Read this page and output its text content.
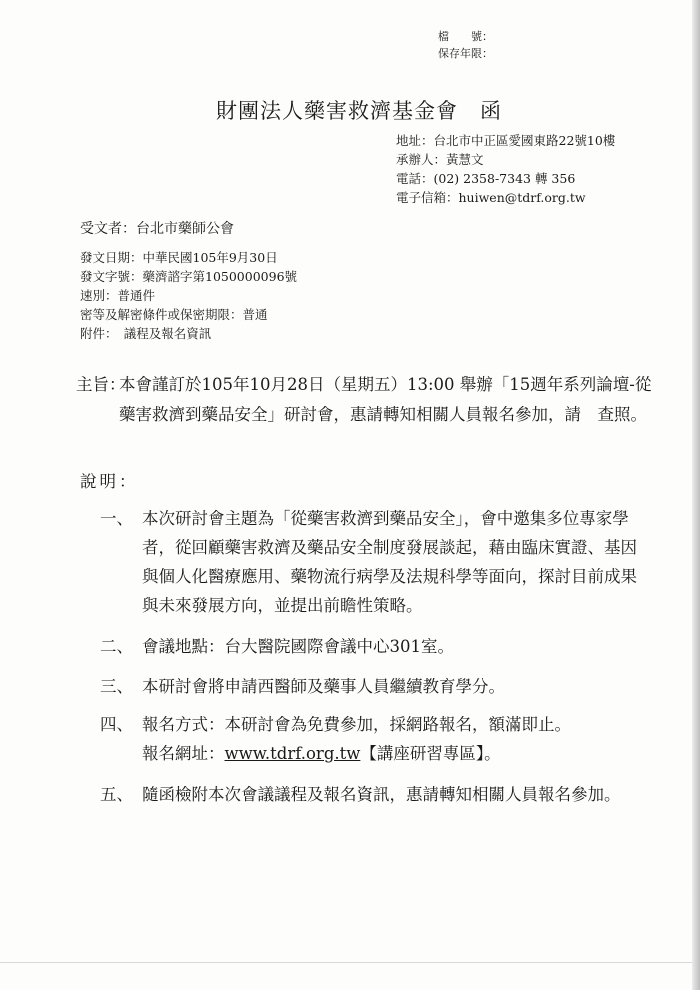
檔　　號：
保存年限：
財團法人藥害救濟基金會　函
地址：台北市中正區愛國東路22號10樓
承辦人：黃慧文
電話：(02) 2358-7343 轉 356
電子信箱：huiwen@tdrf.org.tw
受文者：台北市藥師公會
發文日期：中華民國105年9月30日
發文字號：藥濟諮字第1050000096號
速別：普通件
密等及解密條件或保密期限：普通
附件：　議程及報名資訊
主旨：
本會謹訂於105年10月28日（星期五）13:00 舉辦「15週年系列論壇-從藥害救濟到藥品安全」研討會，惠請轉知相關人員報名參加，請　查照。
說明：
一、 本次研討會主題為「從藥害救濟到藥品安全」，會中邀集多位專家學者，從回顧藥害救濟及藥品安全制度發展談起，藉由臨床實證、基因與個人化醫療應用、藥物流行病學及法規科學等面向，探討目前成果與未來發展方向，並提出前瞻性策略。
二、 會議地點：台大醫院國際會議中心301室。
三、 本研討會將申請西醫師及藥事人員繼續教育學分。
四、 報名方式：本研討會為免費參加，採網路報名，額滿即止。
報名網址：www.tdrf.org.tw【講座研習專區】。
五、 隨函檢附本次會議議程及報名資訊，惠請轉知相關人員報名參加。
